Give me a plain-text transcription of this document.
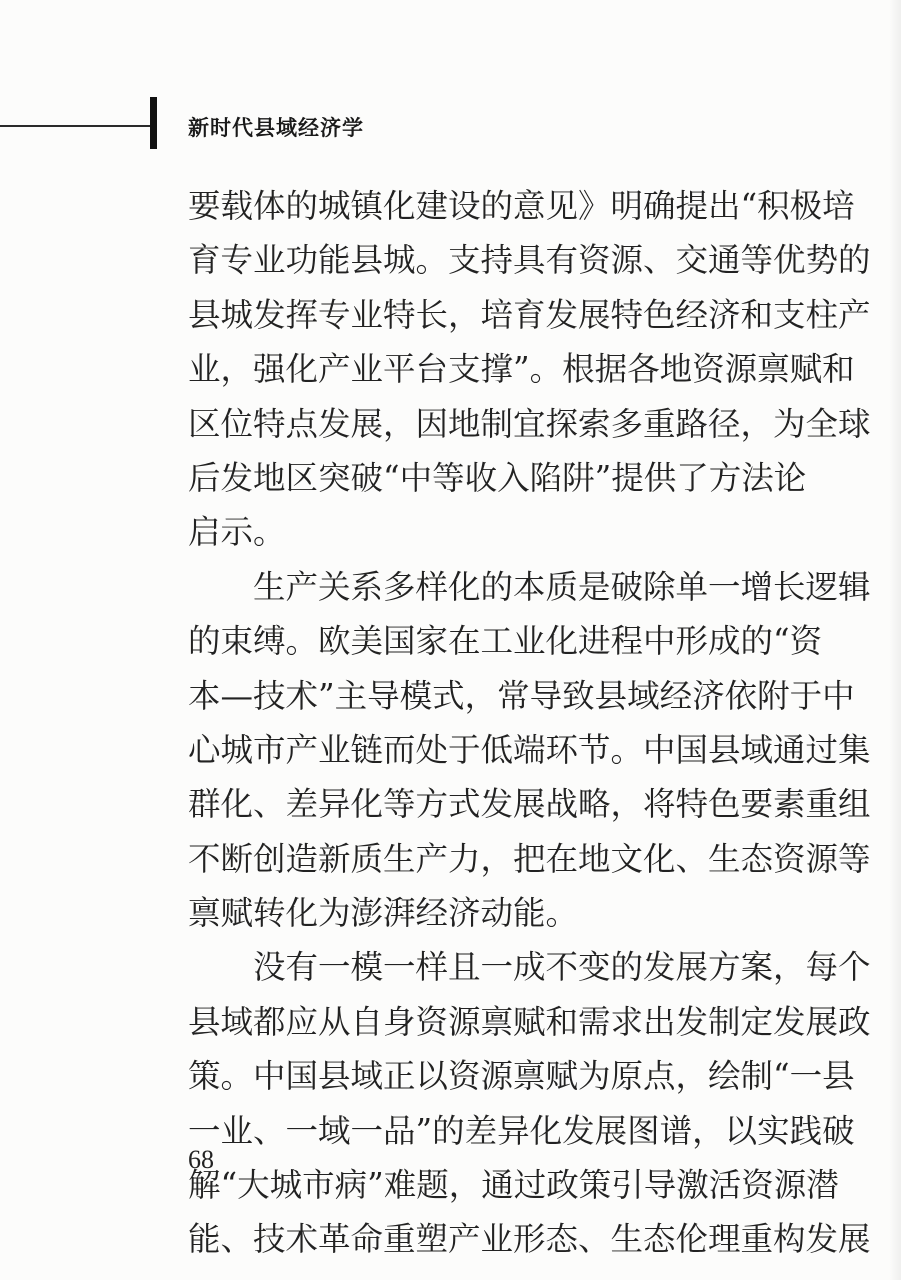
新时代县域经济学
要载体的城镇化建设的意见》明确提出“积极培
育专业功能县城。支持具有资源、交通等优势的
县城发挥专业特长，培育发展特色经济和支柱产
业，强化产业平台支撑”。根据各地资源禀赋和
区位特点发展，因地制宜探索多重路径，为全球
后发地区突破“中等收入陷阱”提供了方法论
启示。
　　生产关系多样化的本质是破除单一增长逻辑
的束缚。欧美国家在工业化进程中形成的“资
本—技术”主导模式，常导致县域经济依附于中
心城市产业链而处于低端环节。中国县域通过集
群化、差异化等方式发展战略，将特色要素重组
不断创造新质生产力，把在地文化、生态资源等
禀赋转化为澎湃经济动能。
　　没有一模一样且一成不变的发展方案，每个
县域都应从自身资源禀赋和需求出发制定发展政
策。中国县域正以资源禀赋为原点，绘制“一县
一业、一域一品”的差异化发展图谱，以实践破
解“大城市病”难题，通过政策引导激活资源潜
能、技术革命重塑产业形态、生态伦理重构发展
68
